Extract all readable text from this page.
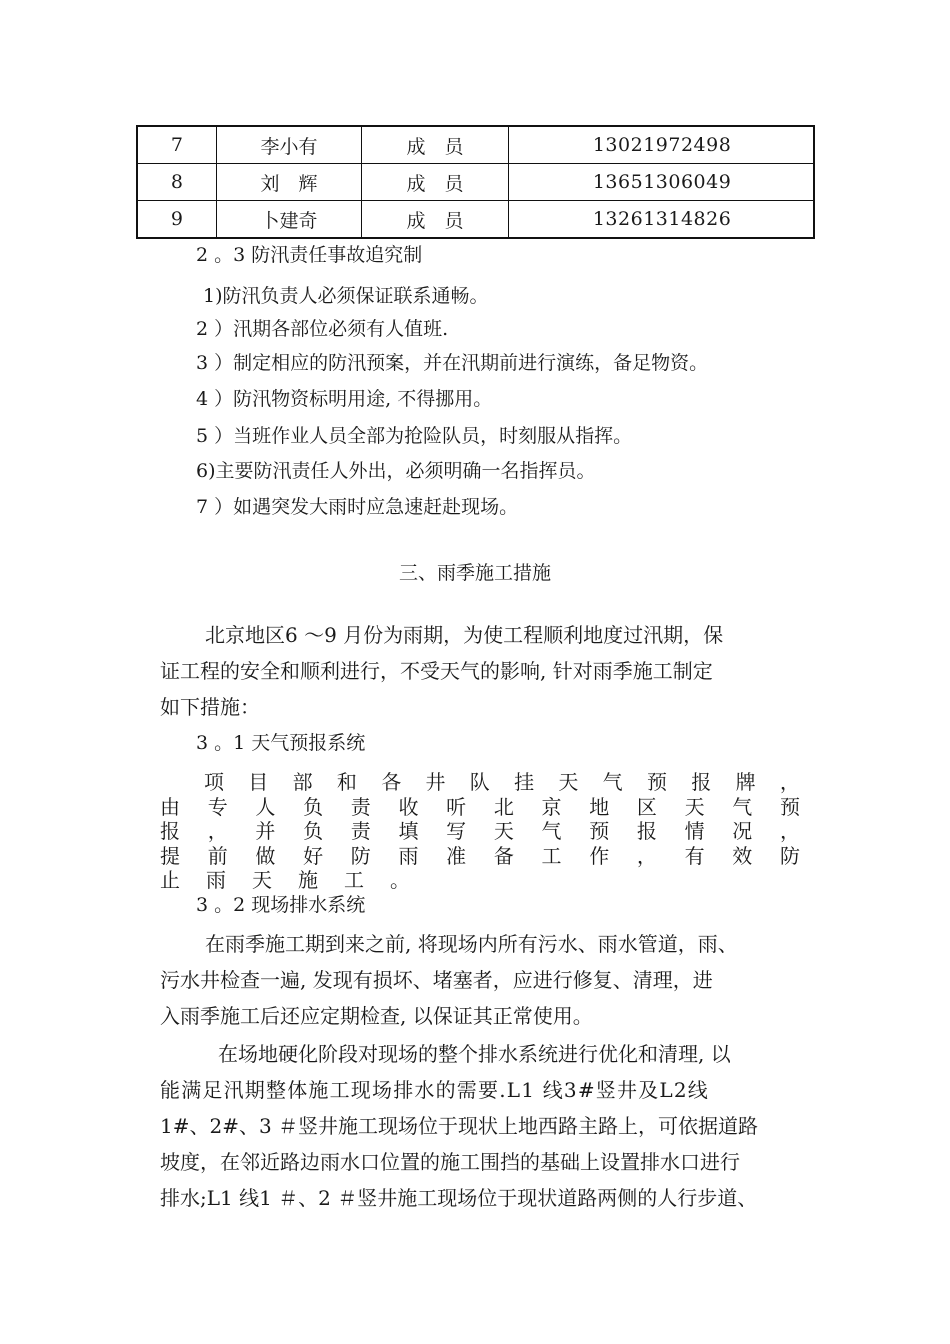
7	李小有	成　员	13021972498
8	刘　辉	成　员	13651306049
9	卜建奇	成　员	13261314826
2 。3 防汛责任事故追究制
1)防汛负责人必须保证联系通畅。
2 ）汛期各部位必须有人值班.
3 ）制定相应的防汛预案，并在汛期前进行演练，备足物资。
4 ）防汛物资标明用途, 不得挪用。
5 ）当班作业人员全部为抢险队员，时刻服从指挥。
6)主要防汛责任人外出，必须明确一名指挥员。
7 ）如遇突发大雨时应急速赶赴现场。
三、雨季施工措施
北京地区6 ～9 月份为雨期，为使工程顺利地度过汛期，保
证工程的安全和顺利进行，不受天气的影响, 针对雨季施工制定
如下措施：
3 。1 天气预报系统
项 目 部 和 各 井 队 挂 天 气 预 报 牌 ，
由 专 人 负 责 收 听 北 京 地 区 天 气 预
报 ， 并 负 责 填 写 天 气 预 报 情 况 ，
提 前 做 好 防 雨 准 备 工 作 ， 有 效 防
止 雨 天 施 工 。
3 。2 现场排水系统
在雨季施工期到来之前, 将现场内所有污水、雨水管道，雨、
污水井检查一遍, 发现有损坏、堵塞者，应进行修复、清理，进
入雨季施工后还应定期检查, 以保证其正常使用。
在场地硬化阶段对现场的整个排水系统进行优化和清理, 以
能满足汛期整体施工现场排水的需要.L1 线3#竖井及L2线
1#、2#、3 ＃竖井施工现场位于现状上地西路主路上，可依据道路
坡度，在邻近路边雨水口位置的施工围挡的基础上设置排水口进行
排水;L1 线1 ＃、2 ＃竖井施工现场位于现状道路两侧的人行步道、
